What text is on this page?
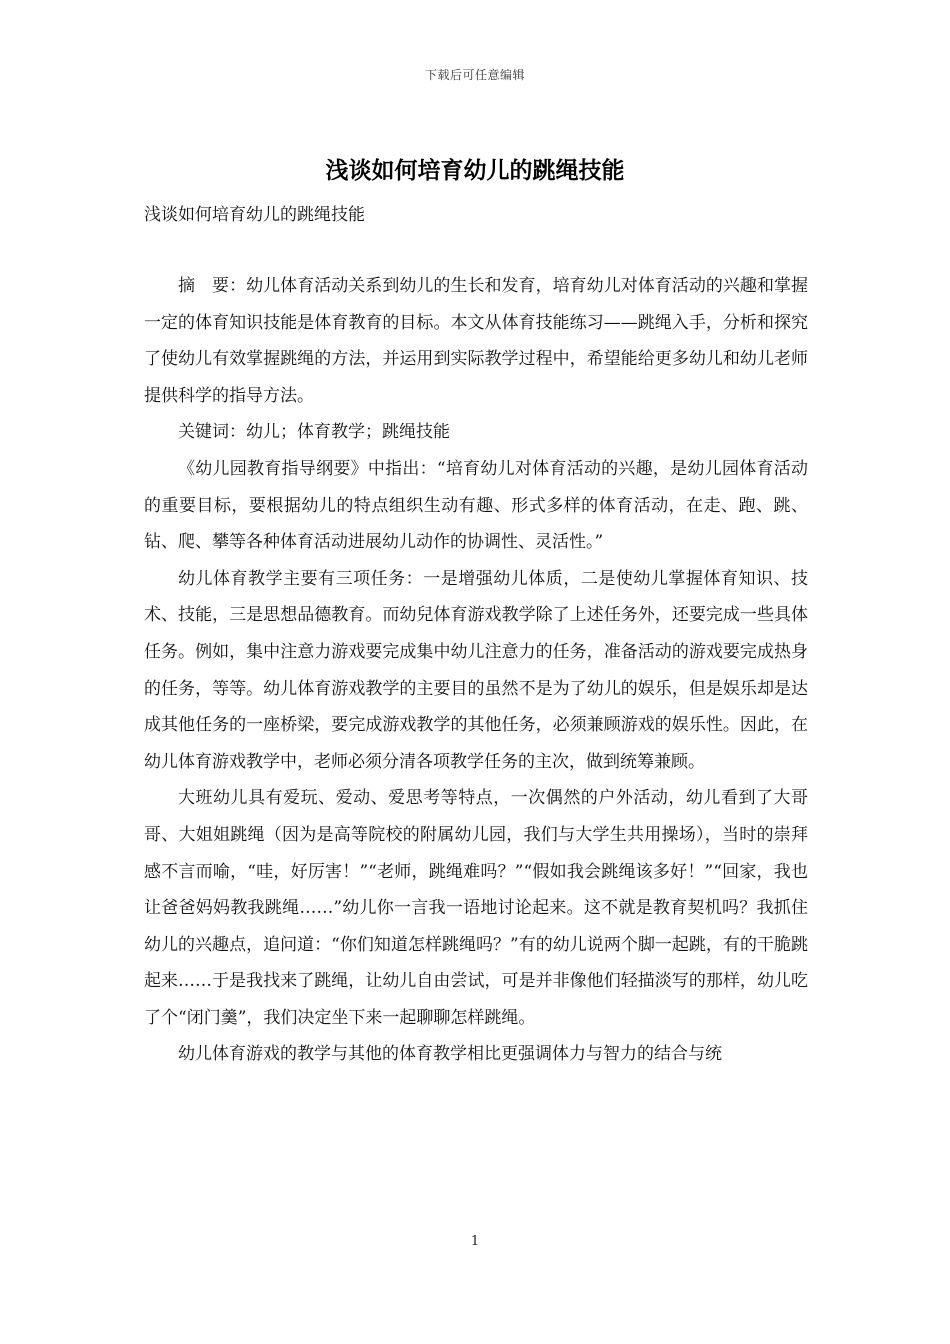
下载后可任意编辑
浅谈如何培育幼儿的跳绳技能
浅谈如何培育幼儿的跳绳技能

摘　要：幼儿体育活动关系到幼儿的生长和发育，培育幼儿对体育活动的兴趣和掌握一定的体育知识技能是体育教育的目标。本文从体育技能练习——跳绳入手，分析和探究了使幼儿有效掌握跳绳的方法，并运用到实际教学过程中，希望能给更多幼儿和幼儿老师提供科学的指导方法。

关键词：幼儿；体育教学；跳绳技能

《幼儿园教育指导纲要》中指出：“培育幼儿对体育活动的兴趣，是幼儿园体育活动的重要目标，要根据幼儿的特点组织生动有趣、形式多样的体育活动，在走、跑、跳、钻、爬、攀等各种体育活动进展幼儿动作的协调性、灵活性。”

幼儿体育教学主要有三项任务：一是增强幼儿体质，二是使幼儿掌握体育知识、技术、技能，三是思想品德教育。而幼兒体育游戏教学除了上述任务外，还要完成一些具体任务。例如，集中注意力游戏要完成集中幼儿注意力的任务，准备活动的游戏要完成热身的任务，等等。幼儿体育游戏教学的主要目的虽然不是为了幼儿的娱乐，但是娱乐却是达成其他任务的一座桥梁，要完成游戏教学的其他任务，必须兼顾游戏的娱乐性。因此，在幼儿体育游戏教学中，老师必须分清各项教学任务的主次，做到统筹兼顾。

大班幼儿具有爱玩、爱动、爱思考等特点，一次偶然的户外活动，幼儿看到了大哥哥、大姐姐跳绳（因为是高等院校的附属幼儿园，我们与大学生共用操场），当时的崇拜感不言而喻，“哇，好厉害！”“老师，跳绳难吗？”“假如我会跳绳该多好！”“回家，我也让爸爸妈妈教我跳绳……”幼儿你一言我一语地讨论起来。这不就是教育契机吗？我抓住幼儿的兴趣点，追问道：“你们知道怎样跳绳吗？”有的幼儿说两个脚一起跳，有的干脆跳起来……于是我找来了跳绳，让幼儿自由尝试，可是并非像他们轻描淡写的那样，幼儿吃了个“闭门羹”，我们决定坐下来一起聊聊怎样跳绳。

幼儿体育游戏的教学与其他的体育教学相比更强调体力与智力的结合与统

1
